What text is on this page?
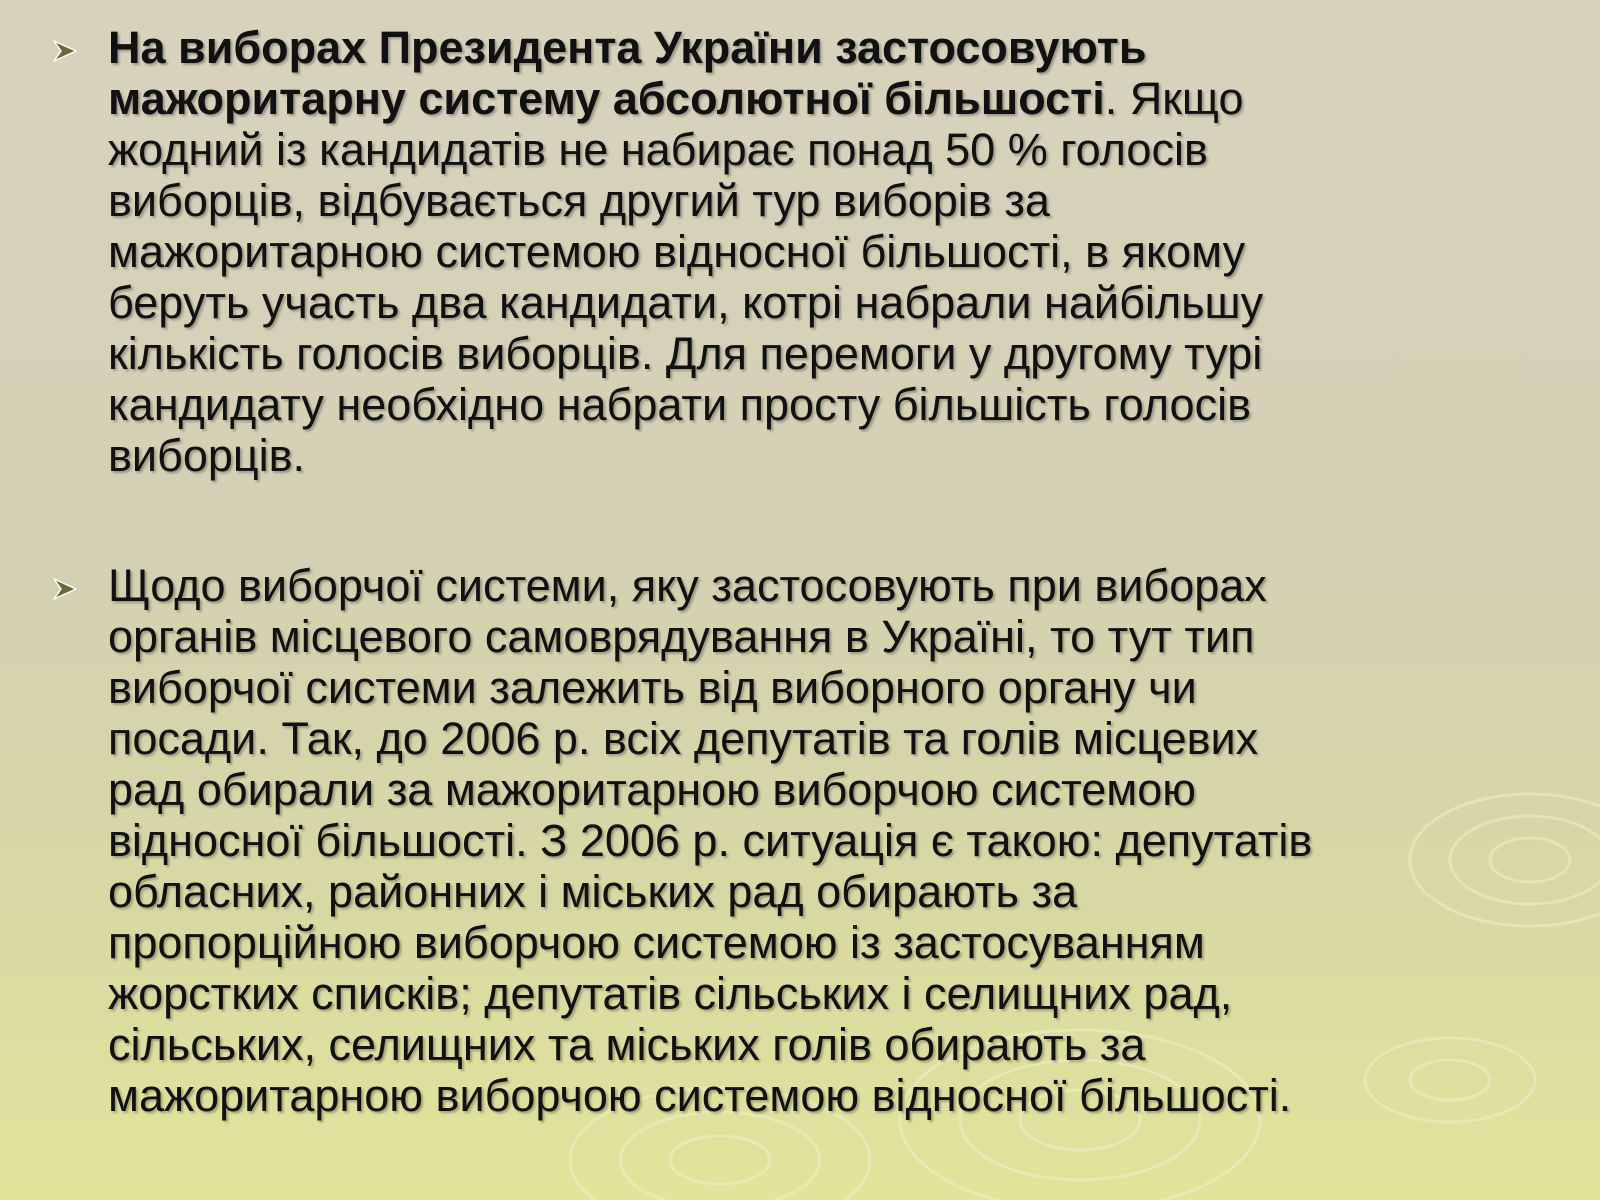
На виборах Президента України застосовують
мажоритарну систему абсолютної більшості. Якщо
жодний із кандидатів не набирає понад 50 % голосів
виборців, відбувається другий тур виборів за
мажоритарною системою відносної більшості, в якому
беруть участь два кандидати, котрі набрали найбільшу
кількість голосів виборців. Для перемоги у другому турі
кандидату необхідно набрати просту більшість голосів
виборців.

Щодо виборчої системи, яку застосовують при виборах
органів місцевого самоврядування в Україні, то тут тип
виборчої системи залежить від виборного органу чи
посади. Так, до 2006 р. всіх депутатів та голів місцевих
рад обирали за мажоритарною виборчою системою
відносної більшості. З 2006 р. ситуація є такою: депутатів
обласних, районних і міських рад обирають за
пропорційною виборчою системою із застосуванням
жорстких списків; депутатів сільських і селищних рад,
сільських, селищних та міських голів обирають за
мажоритарною виборчою системою відносної більшості.
